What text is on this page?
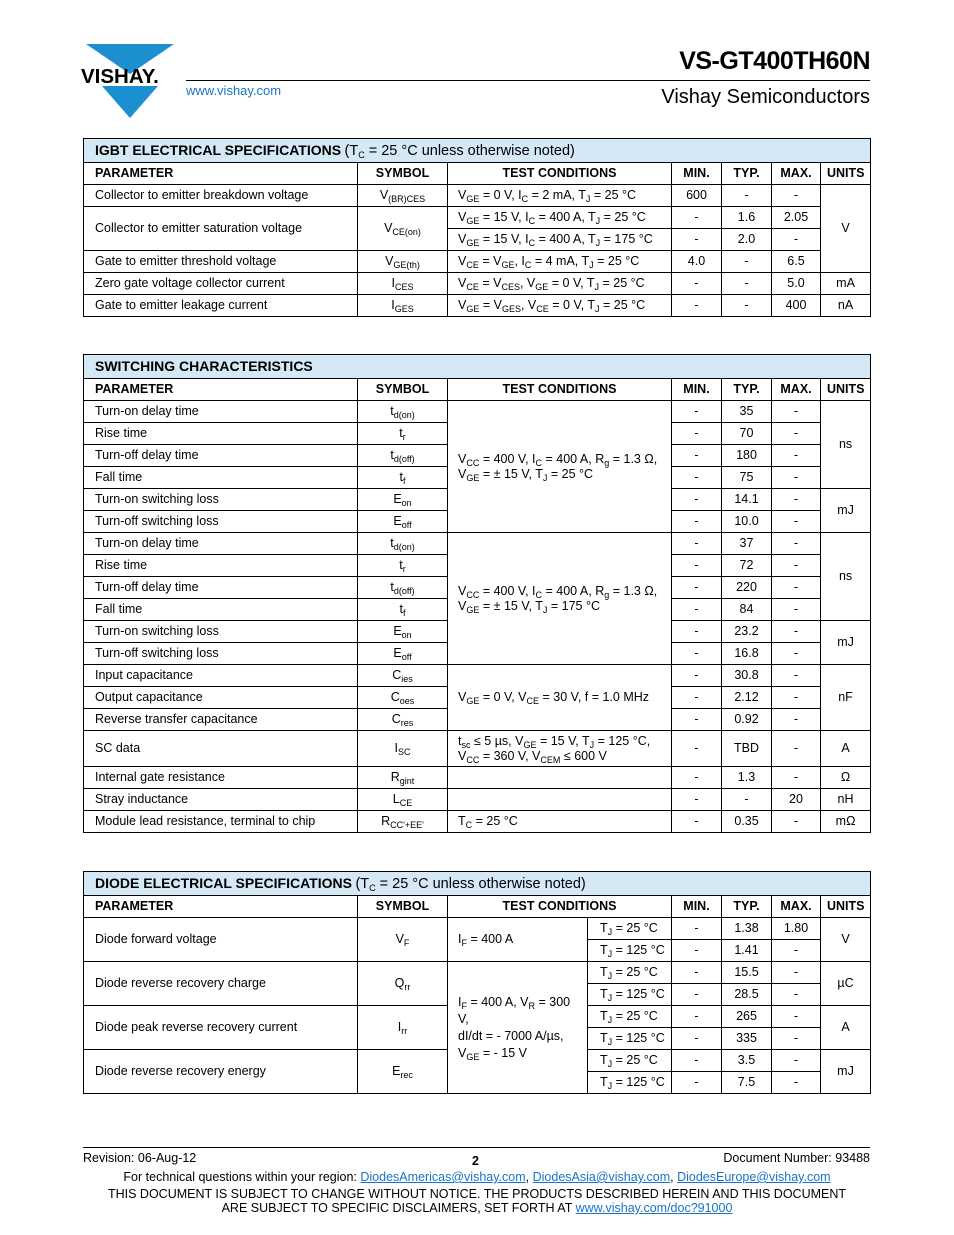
VISHAY.
www.vishay.com
VS-GT400TH60N
Vishay Semiconductors
IGBT ELECTRICAL SPECIFICATIONS ($T_C = 25$ °C unless otherwise noted)						
PARAMETER	SYMBOL	TEST CONDITIONS	MIN.	TYP.	MAX.	UNITS
Collector to emitter breakdown voltage	$V_{(BR)CES}$	$V_{GE} = 0$ V, $I_C = 2$ mA, $T_J = 25$ °C	600	-	-	V
Collector to emitter saturation voltage	$V_{CE(on)}$	$V_{GE} = 15$ V, $I_C = 400$ A, $T_J = 25$ °C	-	1.6	2.05	
		$V_{GE} = 15$ V, $I_C = 400$ A, $T_J = 175$ °C	-	2.0	-	
Gate to emitter threshold voltage	$V_{GE(th)}$	$V_{CE} = V_{GE}$, $I_C = 4$ mA, $T_J = 25$ °C	4.0	-	6.5	
Zero gate voltage collector current	$I_{CES}$	$V_{CE} = V_{CES}$, $V_{GE} = 0$ V, $T_J = 25$ °C	-	-	5.0	mA
Gate to emitter leakage current	$I_{GES}$	$V_{GE} = V_{GES}$, $V_{CE} = 0$ V, $T_J = 25$ °C	-	-	400	nA
SWITCHING CHARACTERISTICS						
PARAMETER	SYMBOL	TEST CONDITIONS	MIN.	TYP.	MAX.	UNITS
Turn-on delay time	$t_{d(on)}$	$V_{CC} = 400$ V, $I_C = 400$ A, $R_g = 1.3$ Ω,
$V_{GE}$ = ± 15 V, $T_J = 25$ °C	-	35	-	ns
Rise time	$t_r$		-	70	-	
Turn-off delay time	$t_{d(off)}$		-	180	-	
Fall time	$t_f$		-	75	-	
Turn-on switching loss	$E_{on}$		-	14.1	-	mJ
Turn-off switching loss	$E_{off}$		-	10.0	-	
Turn-on delay time	$t_{d(on)}$	$V_{CC} = 400$ V, $I_C = 400$ A, $R_g = 1.3$ Ω,
$V_{GE}$ = ± 15 V, $T_J = 175$ °C	-	37	-	ns
Rise time	$t_r$		-	72	-	
Turn-off delay time	$t_{d(off)}$		-	220	-	
Fall time	$t_f$		-	84	-	
Turn-on switching loss	$E_{on}$		-	23.2	-	mJ
Turn-off switching loss	$E_{off}$		-	16.8	-	
Input capacitance	$C_{ies}$	$V_{GE} = 0$ V, $V_{CE} = 30$ V, f = 1.0 MHz	-	30.8	-	nF
Output capacitance	$C_{oes}$		-	2.12	-	
Reverse transfer capacitance	$C_{res}$		-	0.92	-	
SC data	$I_{SC}$	$t_{sc} \le 5$ µs, $V_{GE} = 15$ V, $T_J = 125$ °C,
$V_{CC} = 360$ V, $V_{CEM} \le 600$ V	-	TBD	-	A
Internal gate resistance	$R_{gint}$		-	1.3	-	Ω
Stray inductance	$L_{CE}$		-	-	20	nH
Module lead resistance, terminal to chip	$R_{CC'+EE'}$	$T_C = 25$ °C	-	0.35	-	mΩ
DIODE ELECTRICAL SPECIFICATIONS ($T_C = 25$ °C unless otherwise noted)							
PARAMETER	SYMBOL	TEST CONDITIONS		MIN.	TYP.	MAX.	UNITS
Diode forward voltage	$V_F$	$I_F = 400$ A	$T_J = 25$ °C	-	1.38	1.80	V
			$T_J = 125$ °C	-	1.41	-	
Diode reverse recovery charge	$Q_{rr}$	$I_F = 400$ A, $V_R = 300$ V,
dI/dt = - 7000 A/µs,
$V_{GE}$ = - 15 V	$T_J = 25$ °C	-	15.5	-	µC
			$T_J = 125$ °C	-	28.5	-	
Diode peak reverse recovery current	$I_{rr}$		$T_J = 25$ °C	-	265	-	A
			$T_J = 125$ °C	-	335	-	
Diode reverse recovery energy	$E_{rec}$		$T_J = 25$ °C	-	3.5	-	mJ
			$T_J = 125$ °C	-	7.5	-	
Revision: 06-Aug-12	2	Document Number: 93488
For technical questions within your region: DiodesAmericas@vishay.com, DiodesAsia@vishay.com, DiodesEurope@vishay.com
THIS DOCUMENT IS SUBJECT TO CHANGE WITHOUT NOTICE. THE PRODUCTS DESCRIBED HEREIN AND THIS DOCUMENT
ARE SUBJECT TO SPECIFIC DISCLAIMERS, SET FORTH AT www.vishay.com/doc?91000
